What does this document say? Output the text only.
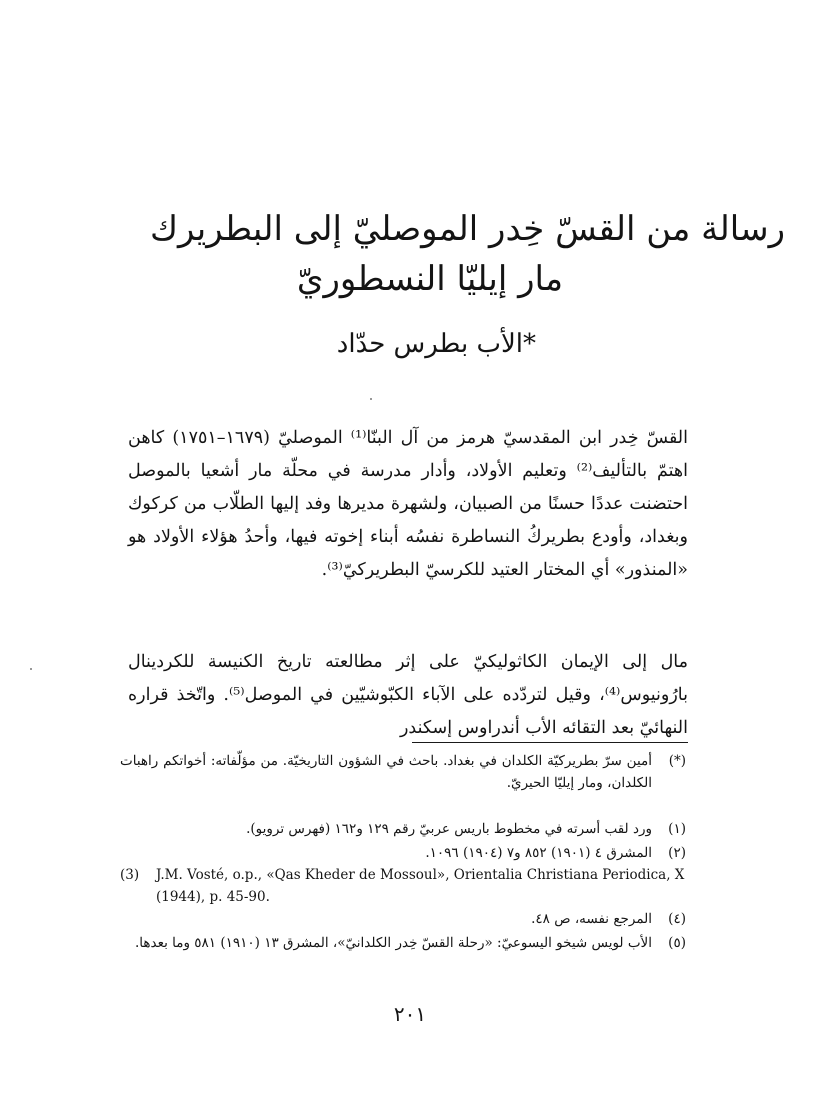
رسالة من القسّ خِدر الموصليّ إلى البطريرك
مار إيليّا النسطوريّ
الأب بطرس حدّاد*
القسّ خِدر ابن المقدسيّ هرمز من آل البنّا⁽¹⁾ الموصليّ (١٦٧٩–١٧٥١) كاهن اهتمّ بالتأليف⁽²⁾ وتعليم الأولاد، وأدار مدرسة في محلّة مار أشعيا بالموصل احتضنت عددًا حسنًا من الصبيان، ولشهرة مديرها وفد إليها الطلّاب من كركوك وبغداد، وأودع بطريركُ النساطرة نفسُه أبناء إخوته فيها، وأحدُ هؤلاء الأولاد هو «المنذور» أي المختار العتيد للكرسيّ البطريركيّ⁽³⁾.
مال إلى الإيمان الكاثوليكيّ على إثر مطالعته تاريخ الكنيسة للكردينال بارُونيوس⁽⁴⁾، وقيل لتردّده على الآباء الكبّوشيّين في الموصل⁽⁵⁾. واتّخذ قراره النهائيّ بعد التقائه الأب أندراوس إسكندر
(*)
أمين سرّ بطريركيّة الكلدان في بغداد. باحث في الشؤون التاريخيّة. من مؤلّفاته: أخواتكم راهبات الكلدان، ومار إيليّا الحيريّ.
(١)
ورد لقب أسرته في مخطوط باريس عربيّ رقم ١٢٩ و١٦٢ (فهرس ترويو).
(٢)
المشرق ٤ (١٩٠١) ٨٥٢ و٧ (١٩٠٤) ١٠٩٦.
(3) J.M. Vosté, o.p., «Qas Kheder de Mossoul», Orientalia Christiana Periodica, X (1944), p. 45-90.
(٤)
المرجع نفسه، ص ٤٨.
(٥)
الأب لويس شيخو اليسوعيّ: «رحلة القسّ خِدر الكلدانيّ»، المشرق ١٣ (١٩١٠) ٥٨١ وما بعدها.
٢٠١
